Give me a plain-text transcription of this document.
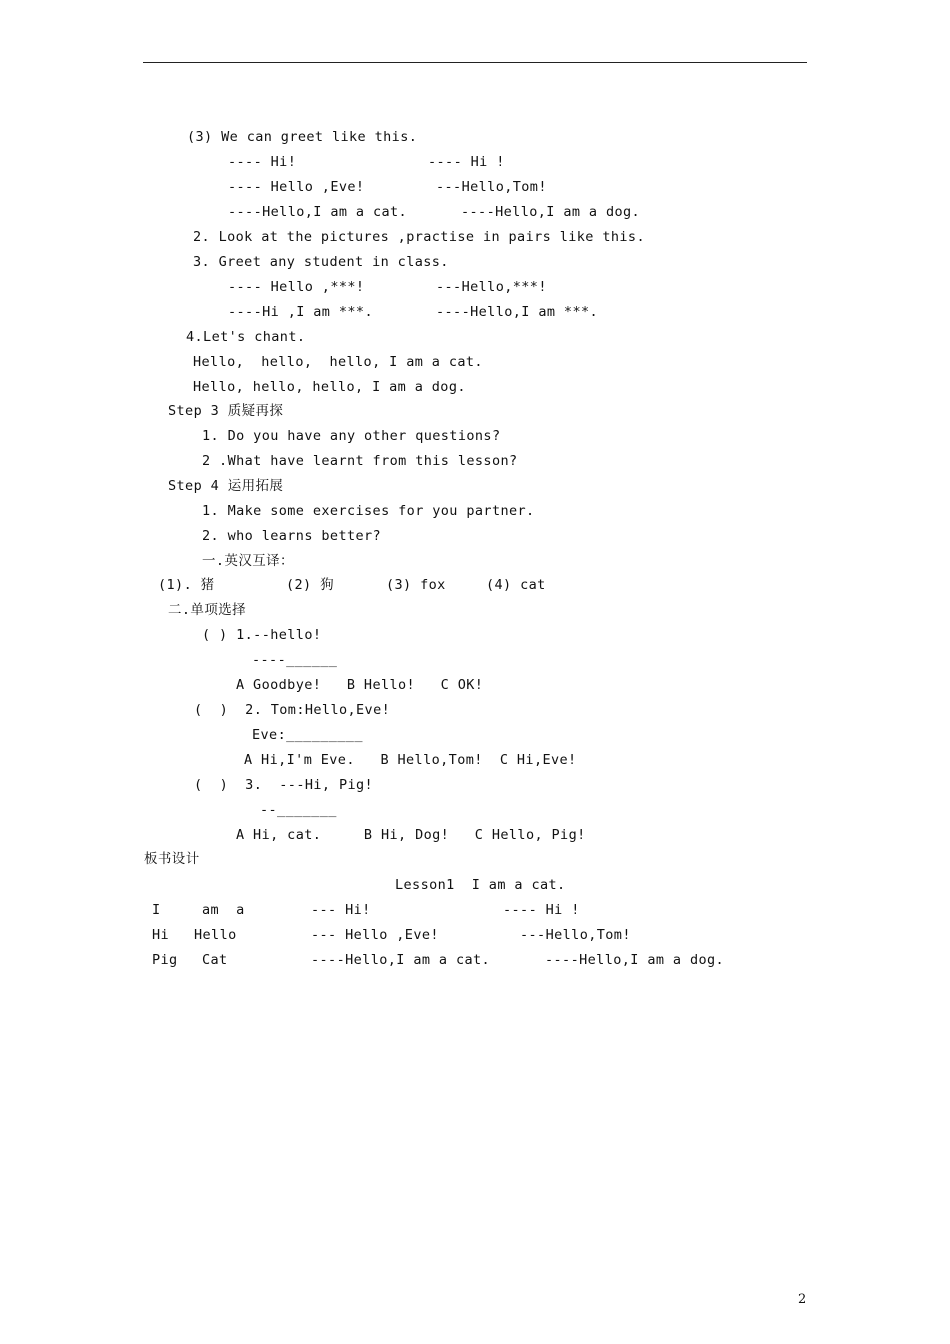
(3) We can greet like this.
---- Hi!	---- Hi !
---- Hello ,Eve!	---Hello,Tom!
----Hello,I am a cat.	----Hello,I am a dog.
2. Look at the pictures ,practise in pairs like this.
3. Greet any student in class.
---- Hello ,***!	---Hello,***!
----Hi ,I am ***.	----Hello,I am ***.
4.Let's chant.
Hello,  hello,  hello, I am a cat.
Hello, hello, hello, I am a dog.
Step 3 质疑再探
1. Do you have any other questions?
2 .What have learnt from this lesson?
Step 4 运用拓展
1. Make some exercises for you partner.
2. who learns better?
一.英汉互译：
(1). 猪	(2) 狗	(3) fox	(4) cat
二.单项选择
( ) 1.--hello!
----______
A Goodbye!   B Hello!   C OK!
(  )  2. Tom:Hello,Eve!
Eve:_________
A Hi,I'm Eve.   B Hello,Tom!  C Hi,Eve!
(  )  3.  ---Hi, Pig!
--_______
A Hi, cat.     B Hi, Dog!   C Hello, Pig!
板书设计
Lesson1  I am a cat.
I	am  a	--- Hi!	---- Hi !
Hi Hello	--- Hello ,Eve!	---Hello,Tom!
Pig Cat	----Hello,I am a cat.	----Hello,I am a dog.
2
